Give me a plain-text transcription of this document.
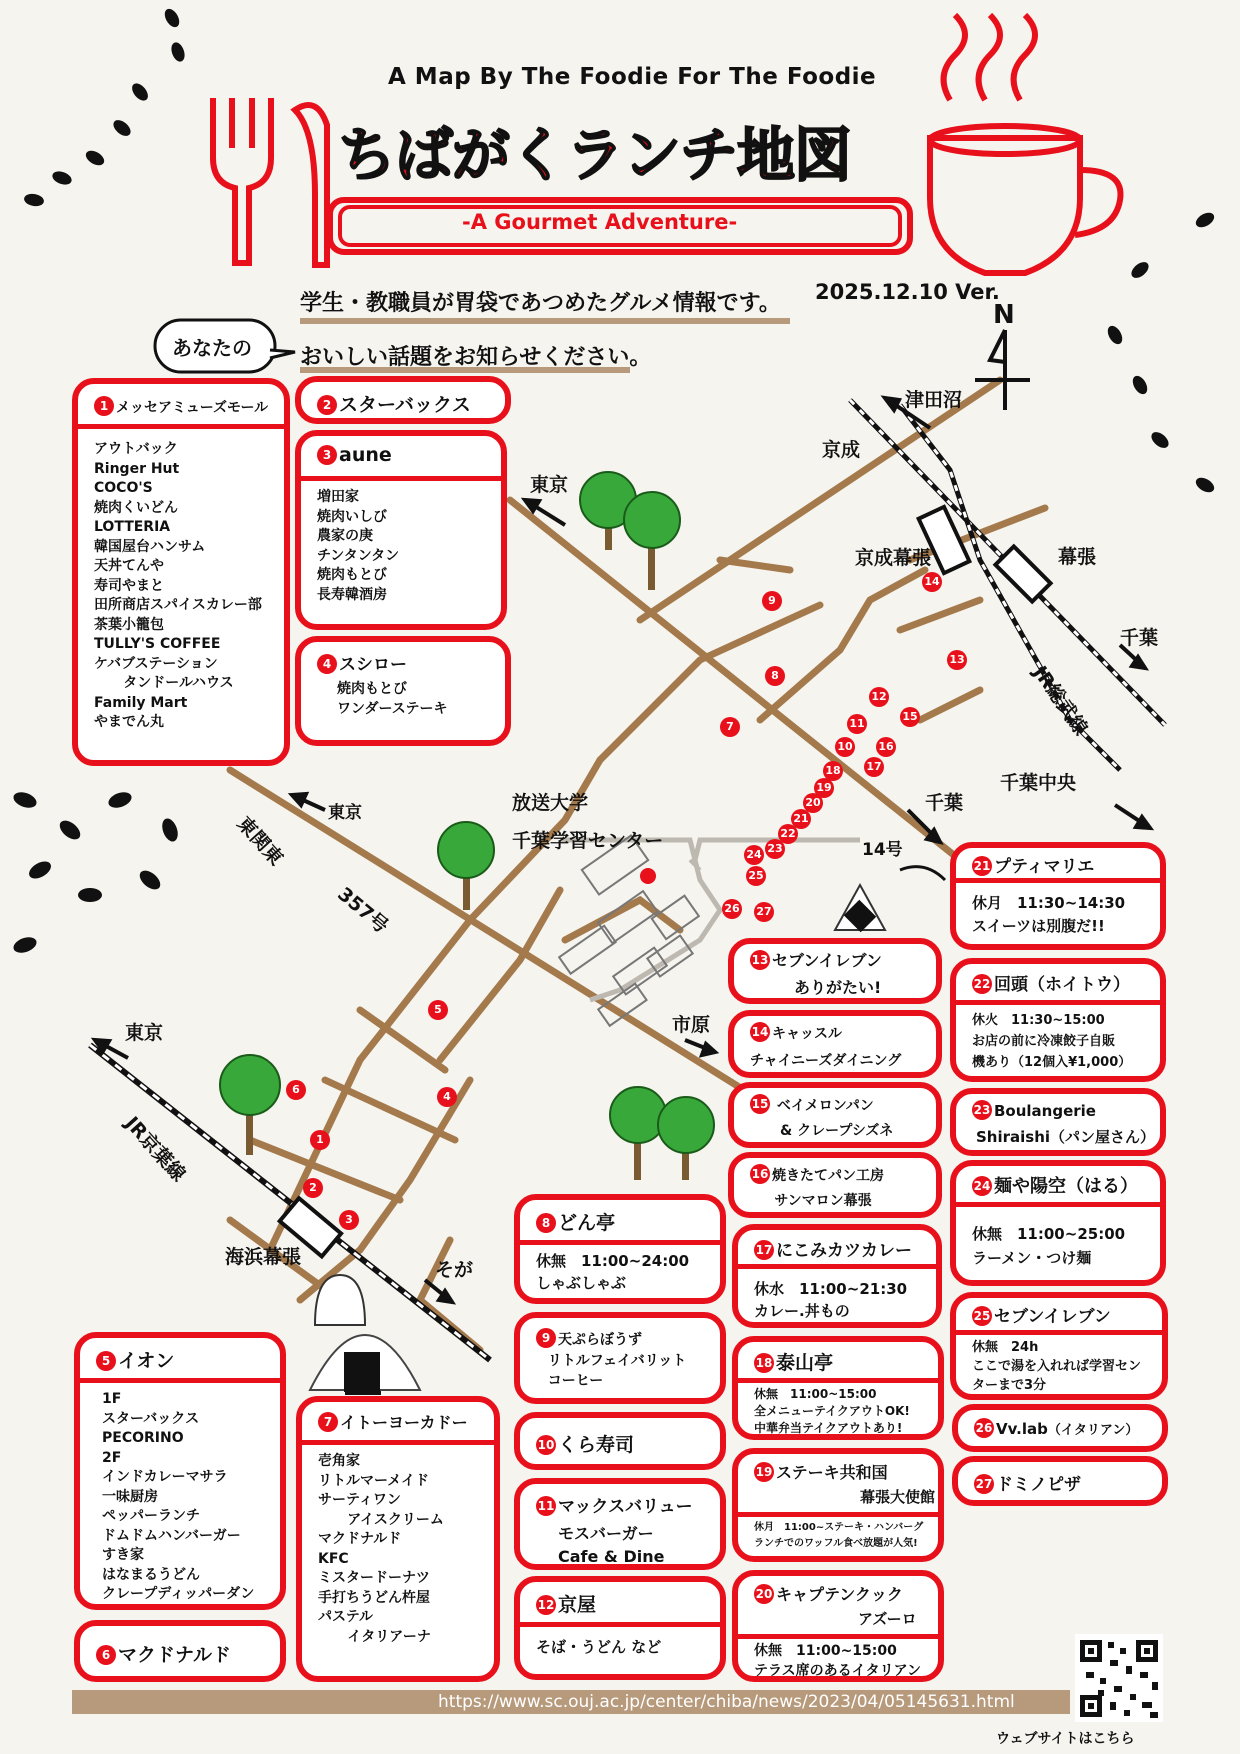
A Map By The Foodie For The Foodie
ちばがくランチ地図
-A Gourmet Adventure-
学生・教職員が胃袋であつめたグルメ情報です。 2025.12.10 Ver.
あなたの おいしい話題をお知らせください。
N
津田沼
京成
東京
京成幕張	幕張
千葉
JR総武線
千葉中央
千葉
14号
東京
東関東
357号
放送大学
千葉学習センター
市原
東京
JR京葉線
海浜幕張
そが
9
8
7
14
13
12
15
11
10 16
17
18
19
20
21
22
23
24
25
26 27
5
6
4
1
2
3
1 メッセアミューズモール
アウトバック
Ringer Hut
COCO'S
焼肉くいどん
LOTTERIA
韓国屋台ハンサム
天丼てんや
寿司やまと
田所商店スパイスカレー部
茶葉小籠包
TULLY'S COFFEE
ケバブステーション
タンドールハウス
Family Mart
やまでん丸
2 スターバックス
3 aune
増田家
焼肉いしび
農家の庚
チンタンタン
焼肉もとび
長寿韓酒房
4 スシロー
焼肉もとび
ワンダーステーキ
5 イオン
1F
スターバックス
PECORINO
2F
インドカレーマサラ
一味厨房
ペッパーランチ
ドムドムハンバーガー
すき家
はなまるうどん
クレープディッパーダン
6 マクドナルド
7 イトーヨーカドー
壱角家
リトルマーメイド
サーティワン
アイスクリーム
マクドナルド
KFC
ミスタードーナツ
手打ちうどん杵屋
パステル
イタリアーナ
8 どん亭
休無　11:00~24:00
しゃぶしゃぶ
9 天ぷらぼうず
リトルフェイバリット
コーヒー
10 くら寿司
11 マックスバリュー
モスバーガー
Cafe & Dine
12 京屋
そば・うどん など
13 セブンイレブン
ありがたい!
14 キャッスル
チャイニーズダイニング
15 ベイメロンパン
& クレープシズネ
16 焼きたてパン工房
サンマロン幕張
17 にこみカツカレー
休水　11:00~21:30
カレー.丼もの
18 泰山亭
休無　11:00~15:00
全メニューテイクアウトOK!
中華弁当テイクアウトあり!
19 ステーキ共和国
幕張大使館
休月　11:00~ステーキ・ハンバーグ
ランチでのワッフル食べ放題が人気!
20 キャプテンクック
アズーロ
休無　11:00~15:00
テラス席のあるイタリアン
21 プティマリエ
休月　11:30~14:30
スイーツは別腹だ!!
22 回頭（ホイトウ）
休火　11:30~15:00
お店の前に冷凍餃子自販
機あり（12個入¥1,000）
23 Boulangerie
Shiraishi（パン屋さん）
24 麺や陽空（はる）
休無　11:00~25:00
ラーメン・つけ麺
25 セブンイレブン
休無　24h
ここで湯を入れれば学習セン
ターまで3分
26 Vv.lab（イタリアン）
27 ドミノピザ
https://www.sc.ouj.ac.jp/center/chiba/news/2023/04/05145631.html
ウェブサイトはこちら
